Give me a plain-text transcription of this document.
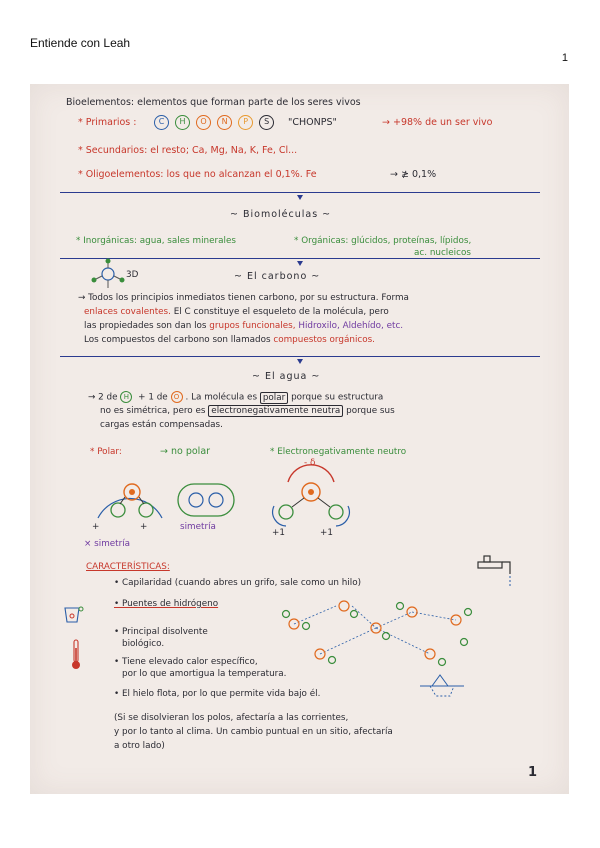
Entiende con Leah
1
Bioelementos: elementos que forman parte de los seres vivos
* Primarios :	C H O N P S	"CHONPS"	→ +98% de un ser vivo
* Secundarios: el resto; Ca, Mg, Na, K, Fe, Cl...
* Oligoelementos: los que no alcanzan el 0,1%. Fe	→ ≱ 0,1%
~ Biomoléculas ~
* Inorgánicas: agua, sales minerales	* Orgánicas: glúcidos, proteínas, lípidos,
ac. nucleicos
3D	~ El carbono ~
→ Todos los principios inmediatos tienen carbono, por su estructura. Forma
enlaces covalentes. El C constituye el esqueleto de la molécula, pero
las propiedades son dan los grupos funcionales, Hidroxilo, Aldehído, etc.
Los compuestos del carbono son llamados compuestos orgánicos.
~ El agua ~
→ 2 de H + 1 de O . La molécula es polar porque su estructura
no es simétrica, pero es electronegativamente neutra porque sus
cargas están compensadas.
* Polar:	→ no polar	* Electronegativamente neutro
+	+	simetría
- δ
+1	+1
× simetría
CARACTERÍSTICAS:
• Capilaridad (cuando abres un grifo, sale como un hilo)
• Puentes de hidrógeno
• Principal disolvente
biológico.
• Tiene elevado calor específico,
por lo que amortigua la temperatura.
• El hielo flota, por lo que permite vida bajo él.
(Si se disolvieran los polos, afectaría a las corrientes,
y por lo tanto al clima. Un cambio puntual en un sitio, afectaría
a otro lado)
1
